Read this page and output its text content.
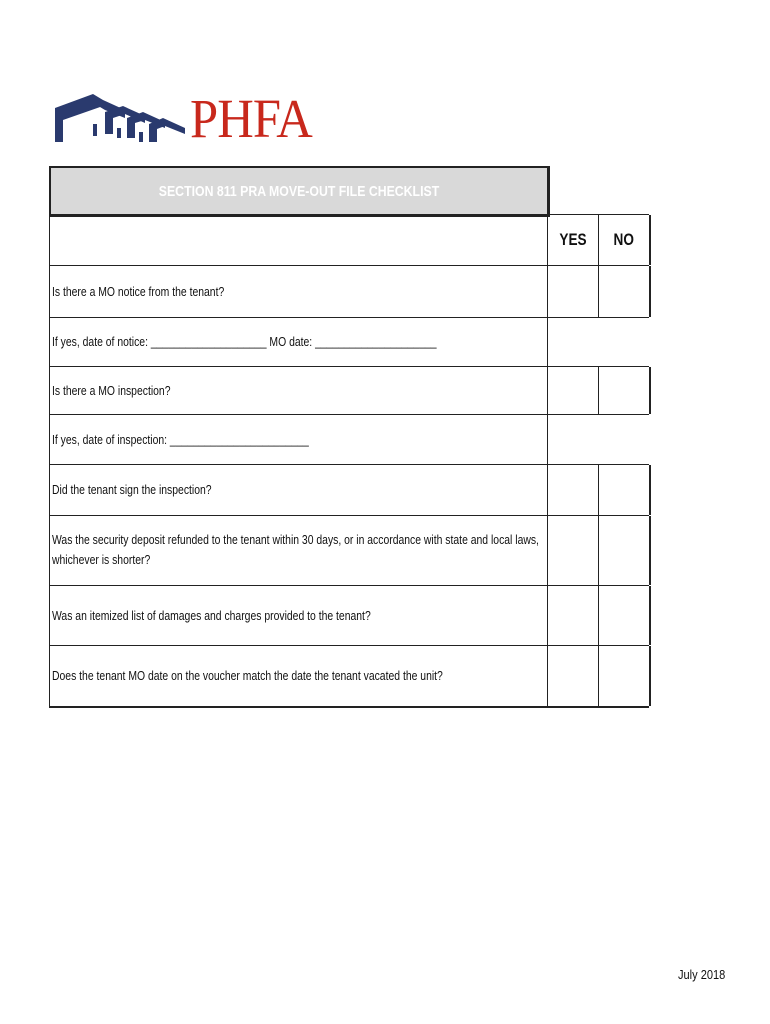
PHFA
SECTION 811 PRA MOVE-OUT FILE CHECKLIST
YES NO
Is there a MO notice from the tenant?
If yes, date of notice: ____________________ MO date: _____________________
Is there a MO inspection?
If yes, date of inspection: ________________________
Did the tenant sign the inspection?
Was the security deposit refunded to the tenant within 30 days, or in accordance with state and local laws,
whichever is shorter?
Was an itemized list of damages and charges provided to the tenant?
Does the tenant MO date on the voucher match the date the tenant vacated the unit?
July 2018
